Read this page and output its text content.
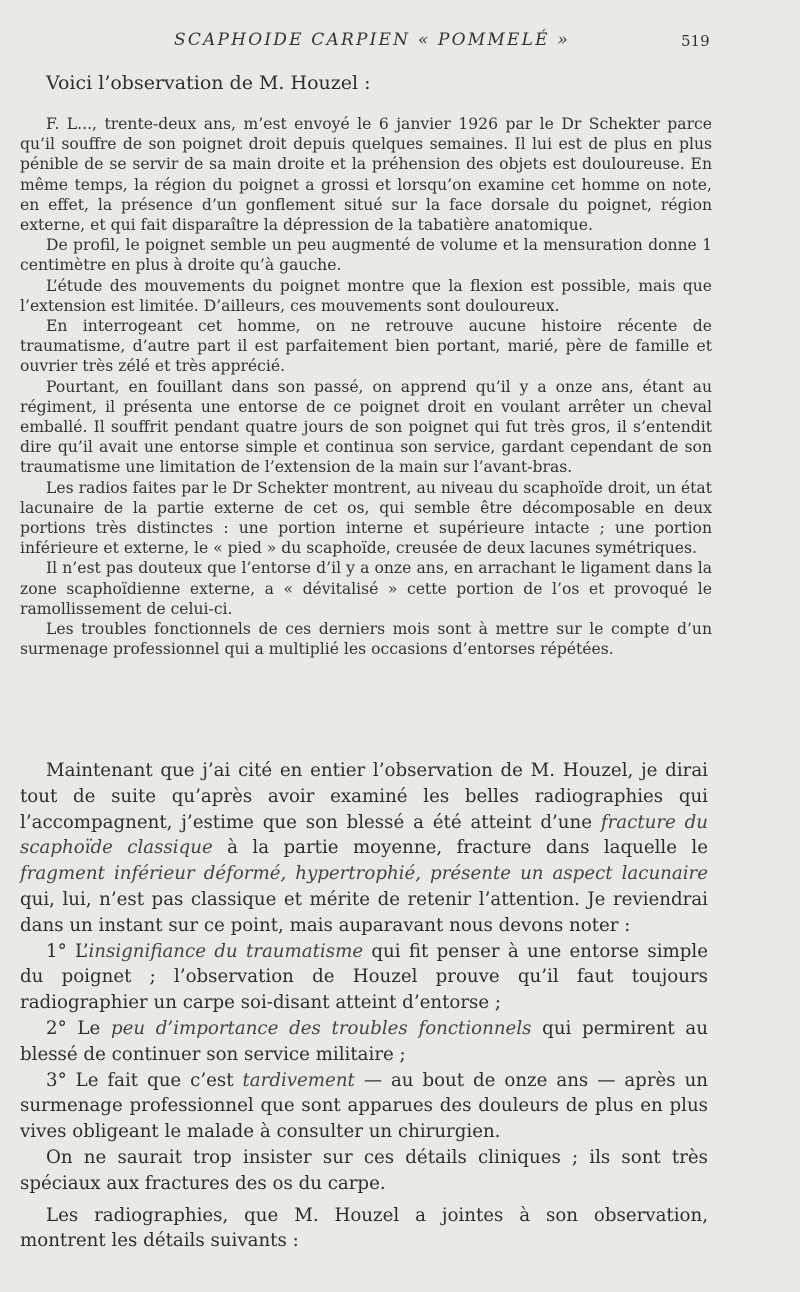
SCAPHOIDE CARPIEN « POMMELÉ »	519
Voici l’observation de M. Houzel :

F. L..., trente-deux ans, m’est envoyé le 6 janvier 1926 par le Dr Schekter parce qu’il souffre de son poignet droit depuis quelques semaines. Il lui est de plus en plus pénible de se servir de sa main droite et la préhension des objets est douloureuse. En même temps, la région du poignet a grossi et lorsqu’on examine cet homme on note, en effet, la présence d’un gonflement situé sur la face dorsale du poignet, région externe, et qui fait disparaître la dépression de la tabatière anatomique.

De profil, le poignet semble un peu augmenté de volume et la mensuration donne 1 centimètre en plus à droite qu’à gauche.

L’étude des mouvements du poignet montre que la flexion est possible, mais que l’extension est limitée. D’ailleurs, ces mouvements sont douloureux.

En interrogeant cet homme, on ne retrouve aucune histoire récente de traumatisme, d’autre part il est parfaitement bien portant, marié, père de famille et ouvrier très zélé et très apprécié.

Pourtant, en fouillant dans son passé, on apprend qu’il y a onze ans, étant au régiment, il présenta une entorse de ce poignet droit en voulant arrêter un cheval emballé. Il souffrit pendant quatre jours de son poignet qui fut très gros, il s’entendit dire qu’il avait une entorse simple et continua son service, gardant cependant de son traumatisme une limitation de l’extension de la main sur l’avant-bras.

Les radios faites par le Dr Schekter montrent, au niveau du scaphoïde droit, un état lacunaire de la partie externe de cet os, qui semble être décomposable en deux portions très distinctes : une portion interne et supérieure intacte ; une portion inférieure et externe, le « pied » du scaphoïde, creusée de deux lacunes symétriques.

Il n’est pas douteux que l’entorse d’il y a onze ans, en arrachant le ligament dans la zone scaphoïdienne externe, a « dévitalisé » cette portion de l’os et provoqué le ramollissement de celui-ci.

Les troubles fonctionnels de ces derniers mois sont à mettre sur le compte d’un surmenage professionnel qui a multiplié les occasions d’entorses répétées.

Maintenant que j’ai cité en entier l’observation de M. Houzel, je dirai tout de suite qu’après avoir examiné les belles radiographies qui l’accompagnent, j’estime que son blessé a été atteint d’une fracture du scaphoïde classique à la partie moyenne, fracture dans laquelle le fragment inférieur déformé, hypertrophié, présente un aspect lacunaire qui, lui, n’est pas classique et mérite de retenir l’attention. Je reviendrai dans un instant sur ce point, mais auparavant nous devons noter :

1° L’insignifiance du traumatisme qui fit penser à une entorse simple du poignet ; l’observation de Houzel prouve qu’il faut toujours radiographier un carpe soi-disant atteint d’entorse ;

2° Le peu d’importance des troubles fonctionnels qui permirent au blessé de continuer son service militaire ;

3° Le fait que c’est tardivement — au bout de onze ans — après un surmenage professionnel que sont apparues des douleurs de plus en plus vives obligeant le malade à consulter un chirurgien.

On ne saurait trop insister sur ces détails cliniques ; ils sont très spéciaux aux fractures des os du carpe.

Les radiographies, que M. Houzel a jointes à son observation, montrent les détails suivants :
